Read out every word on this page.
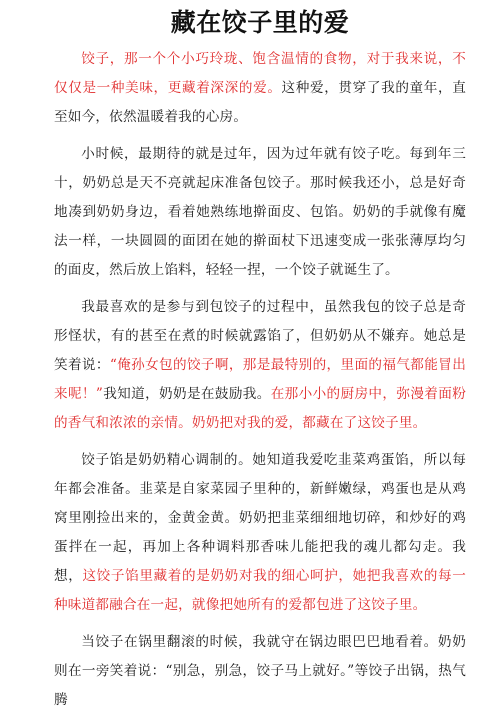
藏在饺子里的爱

饺子，那一个个小巧玲珑、饱含温情的食物，对于我来说，不仅仅是一种美味，更藏着深深的爱。这种爱，贯穿了我的童年，直至如今，依然温暖着我的心房。

小时候，最期待的就是过年，因为过年就有饺子吃。每到年三十，奶奶总是天不亮就起床准备包饺子。那时候我还小，总是好奇地凑到奶奶身边，看着她熟练地擀面皮、包馅。奶奶的手就像有魔法一样，一块圆圆的面团在她的擀面杖下迅速变成一张张薄厚均匀的面皮，然后放上馅料，轻轻一捏，一个饺子就诞生了。

我最喜欢的是参与到包饺子的过程中，虽然我包的饺子总是奇形怪状，有的甚至在煮的时候就露馅了，但奶奶从不嫌弃。她总是笑着说：“俺孙女包的饺子啊，那是最特别的，里面的福气都能冒出来呢！”我知道，奶奶是在鼓励我。在那小小的厨房中，弥漫着面粉的香气和浓浓的亲情。奶奶把对我的爱，都藏在了这饺子里。

饺子馅是奶奶精心调制的。她知道我爱吃韭菜鸡蛋馅，所以每年都会准备。韭菜是自家菜园子里种的，新鲜嫩绿，鸡蛋也是从鸡窝里刚捡出来的，金黄金黄。奶奶把韭菜细细地切碎，和炒好的鸡蛋拌在一起，再加上各种调料那香味儿能把我的魂儿都勾走。我想，这饺子馅里藏着的是奶奶对我的细心呵护，她把我喜欢的每一种味道都融合在一起，就像把她所有的爱都包进了这饺子里。

当饺子在锅里翻滚的时候，我就守在锅边眼巴巴地看着。奶奶则在一旁笑着说：“别急，别急，饺子马上就好。”等饺子出锅，热气腾
